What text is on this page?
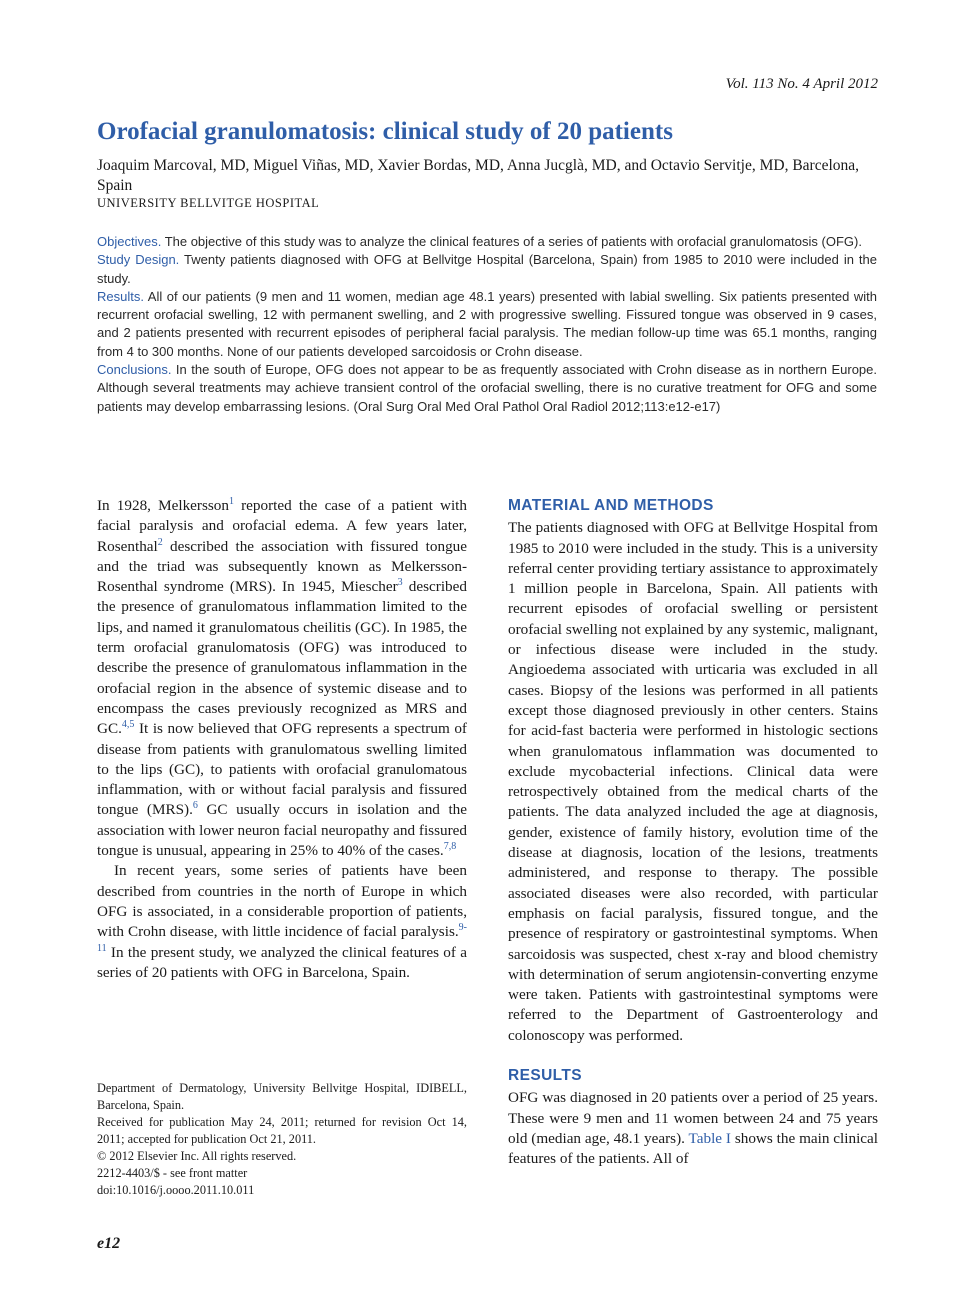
Vol. 113 No. 4 April 2012
Orofacial granulomatosis: clinical study of 20 patients
Joaquim Marcoval, MD, Miguel Viñas, MD, Xavier Bordas, MD, Anna Jucglà, MD, and Octavio Servitje, MD, Barcelona, Spain
UNIVERSITY BELLVITGE HOSPITAL

Objectives. The objective of this study was to analyze the clinical features of a series of patients with orofacial granulomatosis (OFG).

Study Design. Twenty patients diagnosed with OFG at Bellvitge Hospital (Barcelona, Spain) from 1985 to 2010 were included in the study.

Results. All of our patients (9 men and 11 women, median age 48.1 years) presented with labial swelling. Six patients presented with recurrent orofacial swelling, 12 with permanent swelling, and 2 with progressive swelling. Fissured tongue was observed in 9 cases, and 2 patients presented with recurrent episodes of peripheral facial paralysis. The median follow-up time was 65.1 months, ranging from 4 to 300 months. None of our patients developed sarcoidosis or Crohn disease.

Conclusions. In the south of Europe, OFG does not appear to be as frequently associated with Crohn disease as in northern Europe. Although several treatments may achieve transient control of the orofacial swelling, there is no curative treatment for OFG and some patients may develop embarrassing lesions. (Oral Surg Oral Med Oral Pathol Oral Radiol 2012;113:e12-e17)

In 1928, Melkersson$^1$ reported the case of a patient with facial paralysis and orofacial edema. A few years later, Rosenthal$^2$ described the association with fissured tongue and the triad was subsequently known as Melkersson-Rosenthal syndrome (MRS). In 1945, Miescher$^3$ described the presence of granulomatous inflammation limited to the lips, and named it granulomatous cheilitis (GC). In 1985, the term orofacial granulomatosis (OFG) was introduced to describe the presence of granulomatous inflammation in the orofacial region in the absence of systemic disease and to encompass the cases previously recognized as MRS and GC.$^{4,5}$ It is now believed that OFG represents a spectrum of disease from patients with granulomatous swelling limited to the lips (GC), to patients with orofacial granulomatous inflammation, with or without facial paralysis and fissured tongue (MRS).$^6$ GC usually occurs in isolation and the association with lower neuron facial neuropathy and fissured tongue is unusual, appearing in 25% to 40% of the cases.$^{7,8}$

In recent years, some series of patients have been described from countries in the north of Europe in which OFG is associated, in a considerable proportion of patients, with Crohn disease, with little incidence of facial paralysis.$^{9-11}$ In the present study, we analyzed the clinical features of a series of 20 patients with OFG in Barcelona, Spain.

Department of Dermatology, University Bellvitge Hospital, IDIBELL, Barcelona, Spain.
Received for publication May 24, 2011; returned for revision Oct 14, 2011; accepted for publication Oct 21, 2011.
© 2012 Elsevier Inc. All rights reserved.
2212-4403/$ - see front matter
doi:10.1016/j.oooo.2011.10.011
MATERIAL AND METHODS

The patients diagnosed with OFG at Bellvitge Hospital from 1985 to 2010 were included in the study. This is a university referral center providing tertiary assistance to approximately 1 million people in Barcelona, Spain. All patients with recurrent episodes of orofacial swelling or persistent orofacial swelling not explained by any systemic, malignant, or infectious disease were included in the study. Angioedema associated with urticaria was excluded in all cases. Biopsy of the lesions was performed in all patients except those diagnosed previously in other centers. Stains for acid-fast bacteria were performed in histologic sections when granulomatous inflammation was documented to exclude mycobacterial infections. Clinical data were retrospectively obtained from the medical charts of the patients. The data analyzed included the age at diagnosis, gender, existence of family history, evolution time of the disease at diagnosis, location of the lesions, treatments administered, and response to therapy. The possible associated diseases were also recorded, with particular emphasis on facial paralysis, fissured tongue, and the presence of respiratory or gastrointestinal symptoms. When sarcoidosis was suspected, chest x-ray and blood chemistry with determination of serum angiotensin-converting enzyme were taken. Patients with gastrointestinal symptoms were referred to the Department of Gastroenterology and colonoscopy was performed.

RESULTS

OFG was diagnosed in 20 patients over a period of 25 years. These were 9 men and 11 women between 24 and 75 years old (median age, 48.1 years). Table I shows the main clinical features of the patients. All of

e12
